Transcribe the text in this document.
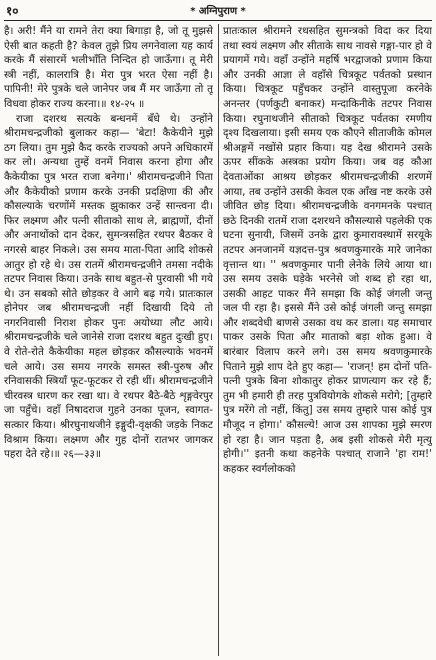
१०	* अग्निपुराण *

है। अरी! मैंने या रामने तेरा क्या बिगाड़ा है, जो तू मुझसे ऐसी बात कहती है? केवल तुझे प्रिय लगनेवाला यह कार्य करके मैं संसारमें भलीभाँति निन्दित हो जाऊँगा। तू मेरी स्त्री नहीं, कालरात्रि है। मेरा पुत्र भरत ऐसा नहीं है। पापिनी! मेरे पुत्रके चले जानेपर जब मैं मर जाऊँगा तो तू विधवा होकर राज्य करना।॥ १४-२५ ॥

राजा दशरथ सत्यके बन्धनमें बँधे थे। उन्होंने श्रीरामचन्द्रजीको बुलाकर कहा— 'बेटा! कैकेयीने मुझे ठग लिया। तुम मुझे कैद करके राज्यको अपने अधिकारमें कर लो। अन्यथा तुम्हें वनमें निवास करना होगा और कैकेयीका पुत्र भरत राजा बनेगा।' श्रीरामचन्द्रजीने पिता और कैकेयीको प्रणाम करके उनकी प्रदक्षिणा की और कौसल्याके चरणोंमें मस्तक झुकाकर उन्हें सान्त्वना दी। फिर लक्ष्मण और पत्नी सीताको साथ ले, ब्राह्मणों, दीनों और अनाथोंको दान देकर, सुमन्त्रसहित रथपर बैठकर वे नगरसे बाहर निकले। उस समय माता-पिता आदि शोकसे आतुर हो रहे थे। उस रातमें श्रीरामचन्द्रजीने तमसा नदीके तटपर निवास किया। उनके साथ बहुत-से पुरवासी भी गये थे। उन सबको सोते छोड़कर वे आगे बढ़ गये। प्रातःकाल होनेपर जब श्रीरामचन्द्रजी नहीं दिखायी दिये तो नगरनिवासी निराश होकर पुनः अयोध्या लौट आये। श्रीरामचन्द्रजीके चले जानेसे राजा दशरथ बहुत दुःखी हुए। वे रोते-रोते कैकेयीका महल छोड़कर कौसल्याके भवनमें चले आये। उस समय नगरके समस्त स्त्री-पुरुष और रनिवासकी स्त्रियाँ फूट-फूटकर रो रही थीं। श्रीरामचन्द्रजीने चीरवस्त्र धारण कर रखा था। वे रथपर बैठे-बैठे शृङ्गवेरपुर जा पहुँचे। वहाँ निषादराज गुहने उनका पूजन, स्वागत-सत्कार किया। श्रीरघुनाथजीने इङ्गुदी-वृक्षकी जड़के निकट विश्राम किया। लक्ष्मण और गुह दोनों रातभर जागकर पहरा देते रहे।॥ २६—३३॥

प्रातःकाल श्रीरामने रथसहित सुमन्त्रको विदा कर दिया तथा स्वयं लक्ष्मण और सीताके साथ नावसे गङ्गा-पार हो वे प्रयागमें गये। वहाँ उन्होंने महर्षि भरद्वाजको प्रणाम किया और उनकी आज्ञा ले वहाँसे चित्रकूट पर्वतको प्रस्थान किया। चित्रकूट पहुँचकर उन्होंने वास्तुपूजा करनेके अनन्तर (पर्णकुटी बनाकर) मन्दाकिनीके तटपर निवास किया। रघुनाथजीने सीताको चित्रकूट पर्वतका रमणीय दृश्य दिखलाया। इसी समय एक कौएने सीताजीके कोमल श्रीअङ्गमें नखोंसे प्रहार किया। यह देख श्रीरामने उसके ऊपर सींकके अस्त्रका प्रयोग किया। जब वह कौआ देवताओंका आश्रय छोड़कर श्रीरामचन्द्रजीकी शरणमें आया, तब उन्होंने उसकी केवल एक आँख नष्ट करके उसे जीवित छोड़ दिया। श्रीरामचन्द्रजीके वनगमनके पश्चात् छठे दिनकी रातमें राजा दशरथने कौसल्यासे पहलेकी एक घटना सुनायी, जिसमें उनके द्वारा कुमारावस्थामें सरयूके तटपर अनजानमें यज्ञदत्त-पुत्र श्रवणकुमारके मारे जानेका वृत्तान्त था। '' श्रवणकुमार पानी लेनेके लिये आया था। उस समय उसके घड़ेके भरनेसे जो शब्द हो रहा था, उसकी आहट पाकर मैंने समझा कि कोई जंगली जन्तु जल पी रहा है। इससे मैंने उसे कोई जंगली जन्तु समझा और शब्दवेधी बाणसे उसका वध कर डाला। यह समाचार पाकर उसके पिता और माताको बड़ा शोक हुआ। वे बारंबार विलाप करने लगे। उस समय श्रवणकुमारके पिताने मुझे शाप देते हुए कहा— 'राजन्! हम दोनों पति-पत्नी पुत्रके बिना शोकातुर होकर प्राणत्याग कर रहे हैं; तुम भी हमारी ही तरह पुत्रवियोगके शोकसे मरोगे; [तुम्हारे पुत्र मरेंगे तो नहीं, किंतु] उस समय तुम्हारे पास कोई पुत्र मौजूद न होगा।' कौसल्ये! आज उस शापका मुझे स्मरण हो रहा है। जान पड़ता है, अब इसी शोकसे मेरी मृत्यु होगी।'' इतनी कथा कहनेके पश्चात् राजाने 'हा राम!' कहकर स्वर्गलोकको
